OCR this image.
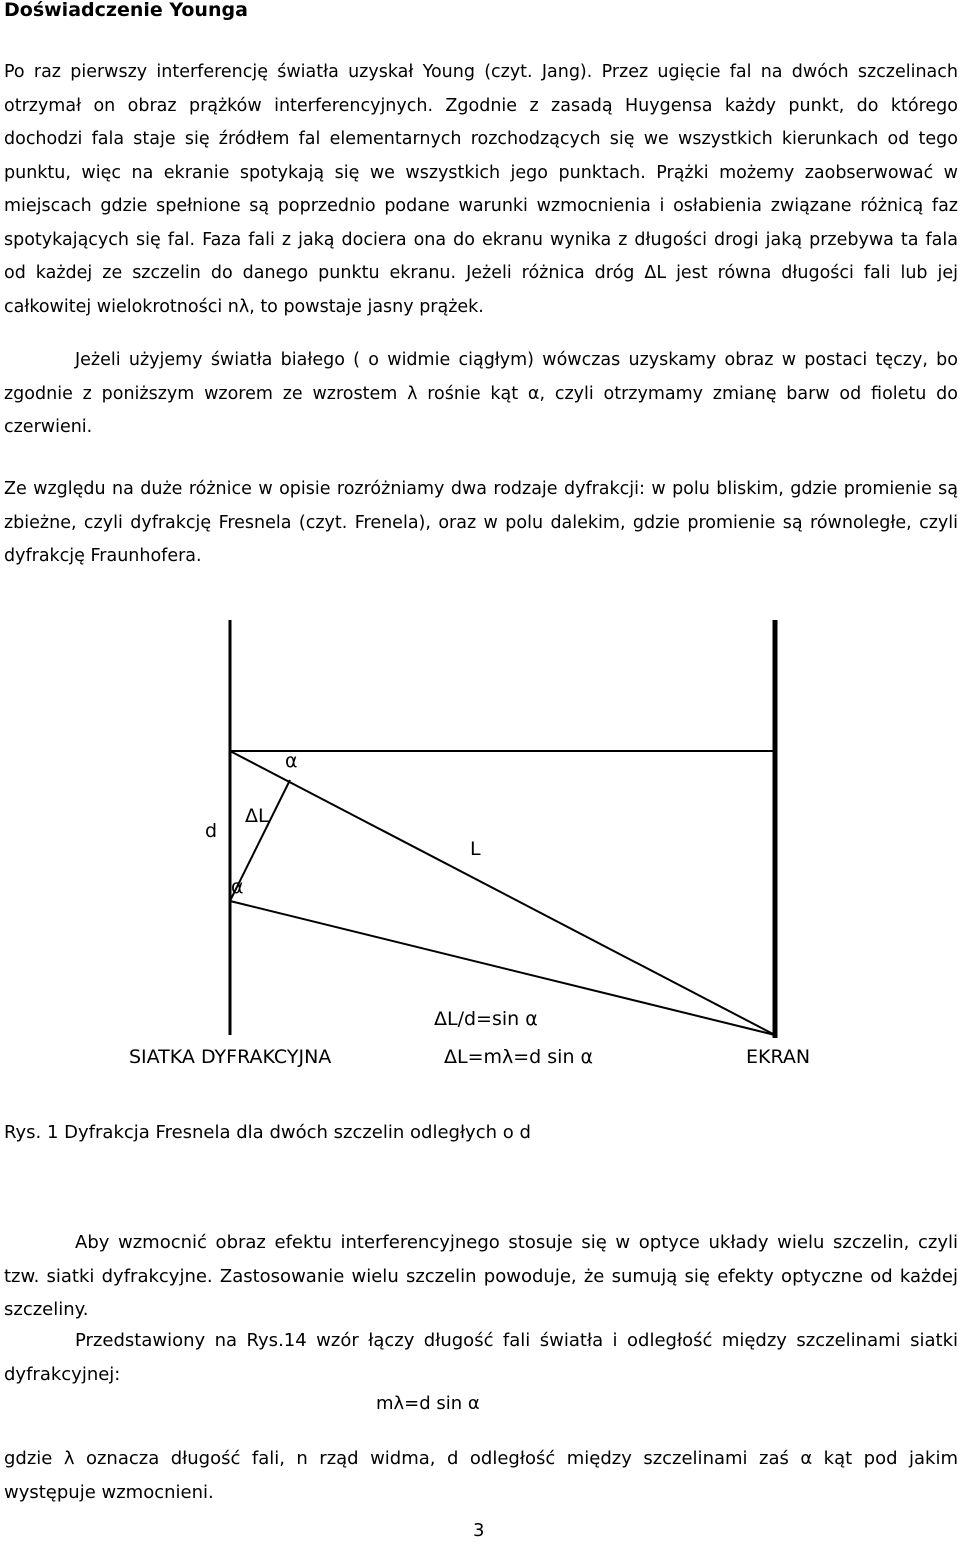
Doświadczenie Younga

Po raz pierwszy interferencję światła uzyskał Young (czyt. Jang). Przez ugięcie fal na dwóch szczelinach otrzymał on obraz prążków interferencyjnych. Zgodnie z zasadą Huygensa każdy punkt, do którego dochodzi fala staje się źródłem fal elementarnych rozchodzących się we wszystkich kierunkach od tego punktu, więc na ekranie spotykają się we wszystkich jego punktach. Prążki możemy zaobserwować w miejscach gdzie spełnione są poprzednio podane warunki wzmocnienia i osłabienia związane różnicą faz spotykających się fal. Faza fali z jaką dociera ona do ekranu wynika z długości drogi jaką przebywa ta fala od każdej ze szczelin do danego punktu ekranu. Jeżeli różnica dróg ΔL jest równa długości fali lub jej całkowitej wielokrotności nλ, to powstaje jasny prążek.

Jeżeli użyjemy światła białego ( o widmie ciągłym) wówczas uzyskamy obraz w postaci tęczy, bo zgodnie z poniższym wzorem ze wzrostem λ rośnie kąt α, czyli otrzymamy zmianę barw od fioletu do czerwieni.

Ze względu na duże różnice w opisie rozróżniamy dwa rodzaje dyfrakcji: w polu bliskim, gdzie promienie są zbieżne, czyli dyfrakcję Fresnela (czyt. Frenela), oraz w polu dalekim, gdzie promienie są równoległe, czyli dyfrakcję Fraunhofera.

α
d
ΔL
L
α
ΔL/d=sin α
SIATKA DYFRAKCYJNA	ΔL=mλ=d sin α	EKRAN
Rys. 1 Dyfrakcja Fresnela dla dwóch szczelin odległych o d

Aby wzmocnić obraz efektu interferencyjnego stosuje się w optyce układy wielu szczelin, czyli tzw. siatki dyfrakcyjne. Zastosowanie wielu szczelin powoduje, że sumują się efekty optyczne od każdej szczeliny.

Przedstawiony na Rys.14 wzór łączy długość fali światła i odległość między szczelinami siatki dyfrakcyjnej:

mλ=d sin α

gdzie λ oznacza długość fali, n rząd widma, d odległość między szczelinami zaś α kąt pod jakim występuje wzmocnieni.

3
